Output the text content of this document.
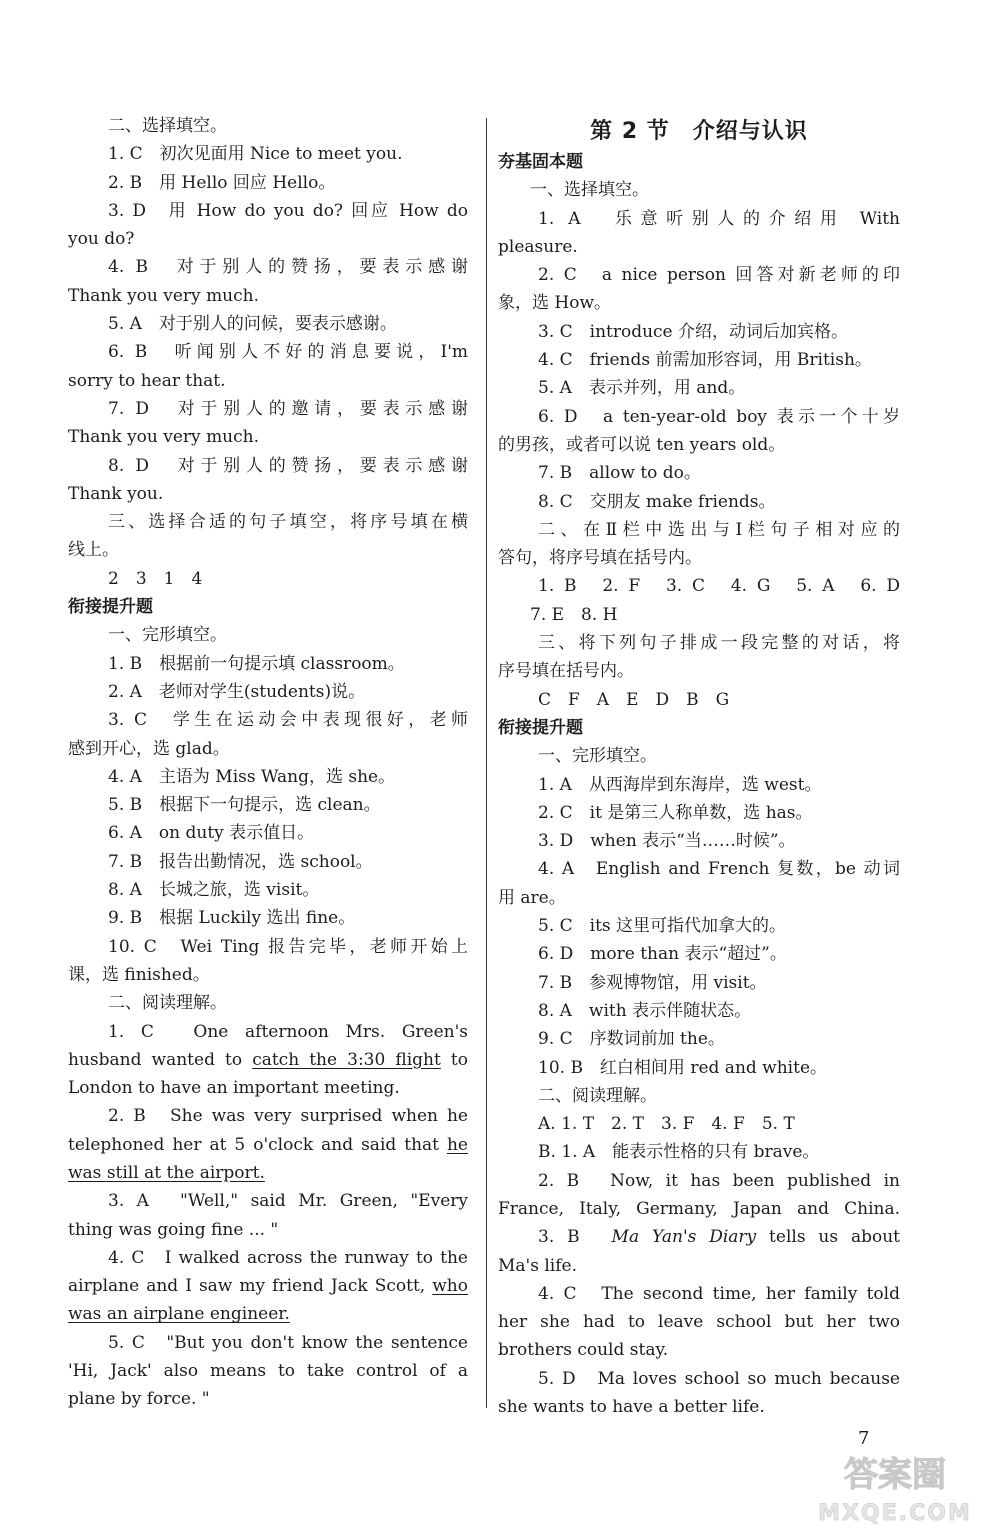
二、选择填空。
1. C　初次见面用 Nice to meet you.
2. B　用 Hello 回应 Hello。
3. D　用 How do you do? 回应 How do
you do?
4. B　对于别人的赞扬，要表示感谢
Thank you very much.
5. A　对于别人的问候，要表示感谢。
6. B　听闻别人不好的消息要说，I'm
sorry to hear that.
7. D　对于别人的邀请，要表示感谢
Thank you very much.
8. D　对于别人的赞扬，要表示感谢
Thank you.
三、选择合适的句子填空，将序号填在横
线上。
2　3　1　4
衔接提升题
一、完形填空。
1. B　根据前一句提示填 classroom。
2. A　老师对学生(students)说。
3. C　学生在运动会中表现很好，老师
感到开心，选 glad。
4. A　主语为 Miss Wang，选 she。
5. B　根据下一句提示，选 clean。
6. A　on duty 表示值日。
7. B　报告出勤情况，选 school。
8. A　长城之旅，选 visit。
9. B　根据 Luckily 选出 fine。
10. C　Wei Ting 报告完毕，老师开始上
课，选 finished。
二、阅读理解。
1. C　One afternoon Mrs. Green's
husband wanted to catch the 3:30 flight to
London to have an important meeting.
2. B　She was very surprised when he
telephoned her at 5 o'clock and said that he
was still at the airport.
3. A　"Well," said Mr. Green, "Every
thing was going fine ... "
4. C　I walked across the runway to the
airplane and I saw my friend Jack Scott, who
was an airplane engineer.
5. C　"But you don't know the sentence
'Hi, Jack' also means to take control of a
plane by force. "
第 2 节　介绍与认识
夯基固本题
一、选择填空。
1. A　乐意听别人的介绍用 With
pleasure.
2. C　a nice person 回答对新老师的印
象，选 How。
3. C　introduce 介绍，动词后加宾格。
4. C　friends 前需加形容词，用 British。
5. A　表示并列，用 and。
6. D　a ten-year-old boy 表示一个十岁
的男孩，或者可以说 ten years old。
7. B　allow to do。
8. C　交朋友 make friends。
二、在Ⅱ栏中选出与Ⅰ栏句子相对应的
答句，将序号填在括号内。
1. B　2. F　3. C　4. G　5. A　6. D
7. E　8. H
三、将下列句子排成一段完整的对话，将
序号填在括号内。
C　F　A　E　D　B　G
衔接提升题
一、完形填空。
1. A　从西海岸到东海岸，选 west。
2. C　it 是第三人称单数，选 has。
3. D　when 表示“当……时候”。
4. A　English and French 复数，be 动词
用 are。
5. C　its 这里可指代加拿大的。
6. D　more than 表示“超过”。
7. B　参观博物馆，用 visit。
8. A　with 表示伴随状态。
9. C　序数词前加 the。
10. B　红白相间用 red and white。
二、阅读理解。
A. 1. T　2. T　3. F　4. F　5. T
B. 1. A　能表示性格的只有 brave。
2. B　Now, it has been published in
France, Italy, Germany, Japan and China.
3. B　Ma Yan's Diary tells us about
Ma's life.
4. C　The second time, her family told
her she had to leave school but her two
brothers could stay.
5. D　Ma loves school so much because
she wants to have a better life.
7
答案圈
MXQE.COM
